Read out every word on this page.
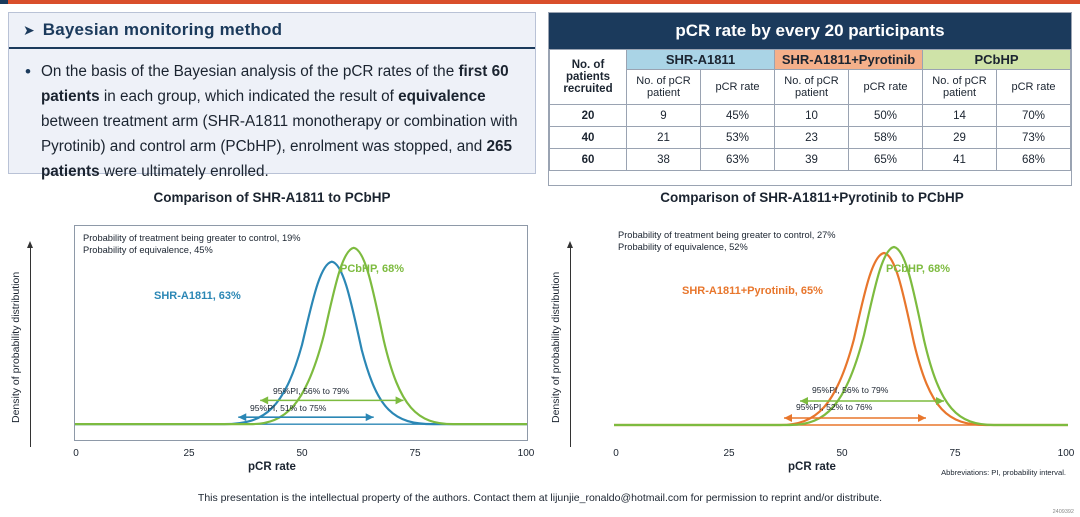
➤ Bayesian monitoring method
• On the basis of the Bayesian analysis of the pCR rates of the first 60 patients in each group, which indicated the result of equivalence between treatment arm (SHR-A1811 monotherapy or combination with Pyrotinib) and control arm (PCbHP), enrolment was stopped, and 265 patients were ultimately enrolled.
pCR rate by every 20 participants
No. of patients recruited	SHR-A1811		SHR-A1811+Pyrotinib		PCbHP	
	No. of pCR patient	pCR rate	No. of pCR patient	pCR rate	No. of pCR patient	pCR rate
20	9	45%	10	50%	14	70%
40	21	53%	23	58%	29	73%
60	38	63%	39	65%	41	68%
Comparison of SHR-A1811 to PCbHP
Density of probability distribution
Probability of treatment being greater to control, 19%
Probability of equivalence, 45%
SHR-A1811, 63%
PCbHP, 68%
95%PI, 56% to 79%
95%PI, 51% to 75%
0	25	50	75	100
pCR rate
Comparison of SHR-A1811+Pyrotinib to PCbHP
Density of probability distribution
Probability of treatment being greater to control, 27%
Probability of equivalence, 52%
SHR-A1811+Pyrotinib, 65%
PCbHP, 68%
95%PI, 56% to 79%
95%PI, 52% to 76%
0	25	50	75	100
pCR rate	Abbreviations: PI, probability interval.
This presentation is the intellectual property of the authors. Contact them at lijunjie_ronaldo@hotmail.com for permission to reprint and/or distribute.
2409392
